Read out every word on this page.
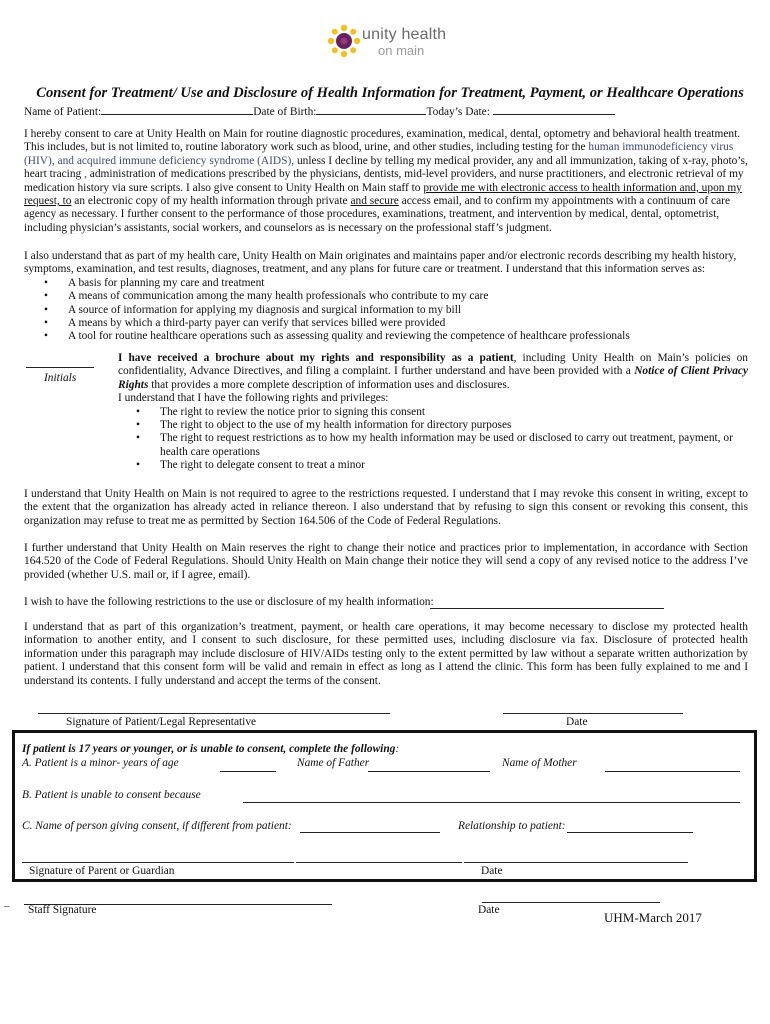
unity health
on main
Consent for Treatment/ Use and Disclosure of Health Information for Treatment, Payment, or Healthcare Operations
Name of Patient:	Date of Birth:	Today’s Date:
I hereby consent to care at Unity Health on Main for routine diagnostic procedures, examination, medical, dental, optometry and behavioral health treatment. This includes, but is not limited to, routine laboratory work such as blood, urine, and other studies, including testing for the human immunodeficiency virus (HIV), and acquired immune deficiency syndrome (AIDS), unless I decline by telling my medical provider, any and all immunization, taking of x-ray, photo’s, heart tracing , administration of medications prescribed by the physicians, dentists, mid-level providers, and nurse practitioners, and electronic retrieval of my medication history via sure scripts. I also give consent to Unity Health on Main staff to provide me with electronic access to health information and, upon my request, to an electronic copy of my health information through private and secure access email, and to confirm my appointments with a continuum of care agency as necessary. I further consent to the performance of those procedures, examinations, treatment, and intervention by medical, dental, optometrist, including physician’s assistants, social workers, and counselors as is necessary on the professional staff’s judgment.
I also understand that as part of my health care, Unity Health on Main originates and maintains paper and/or electronic records describing my health history, symptoms, examination, and test results, diagnoses, treatment, and any plans for future care or treatment. I understand that this information serves as:
• A basis for planning my care and treatment
• A means of communication among the many health professionals who contribute to my care
• A source of information for applying my diagnosis and surgical information to my bill
• A means by which a third-party payer can verify that services billed were provided
• A tool for routine healthcare operations such as assessing quality and reviewing the competence of healthcare professionals
Initials
I have received a brochure about my rights and responsibility as a patient, including Unity Health on Main’s policies on confidentiality, Advance Directives, and filing a complaint. I further understand and have been provided with a Notice of Client Privacy Rights that provides a more complete description of information uses and disclosures.
I understand that I have the following rights and privileges:
• The right to review the notice prior to signing this consent
• The right to object to the use of my health information for directory purposes
• The right to request restrictions as to how my health information may be used or disclosed to carry out treatment, payment, or health care operations
• The right to delegate consent to treat a minor
I understand that Unity Health on Main is not required to agree to the restrictions requested. I understand that I may revoke this consent in writing, except to the extent that the organization has already acted in reliance thereon. I also understand that by refusing to sign this consent or revoking this consent, this organization may refuse to treat me as permitted by Section 164.506 of the Code of Federal Regulations.
I further understand that Unity Health on Main reserves the right to change their notice and practices prior to implementation, in accordance with Section 164.520 of the Code of Federal Regulations. Should Unity Health on Main change their notice they will send a copy of any revised notice to the address I’ve provided (whether U.S. mail or, if I agree, email).
I wish to have the following restrictions to the use or disclosure of my health information:
I understand that as part of this organization’s treatment, payment, or health care operations, it may become necessary to disclose my protected health information to another entity, and I consent to such disclosure, for these permitted uses, including disclosure via fax. Disclosure of protected health information under this paragraph may include disclosure of HIV/AIDs testing only to the extent permitted by law without a separate written authorization by patient. I understand that this consent form will be valid and remain in effect as long as I attend the clinic. This form has been fully explained to me and I understand its contents. I fully understand and accept the terms of the consent.
Signature of Patient/Legal Representative	Date
If patient is 17 years or younger, or is unable to consent, complete the following:
A. Patient is a minor- years of age	Name of Father	Name of Mother
B. Patient is unable to consent because
C. Name of person giving consent, if different from patient:	Relationship to patient:
Signature of Parent or Guardian	Date
_
Staff Signature	Date	UHM-March 2017
